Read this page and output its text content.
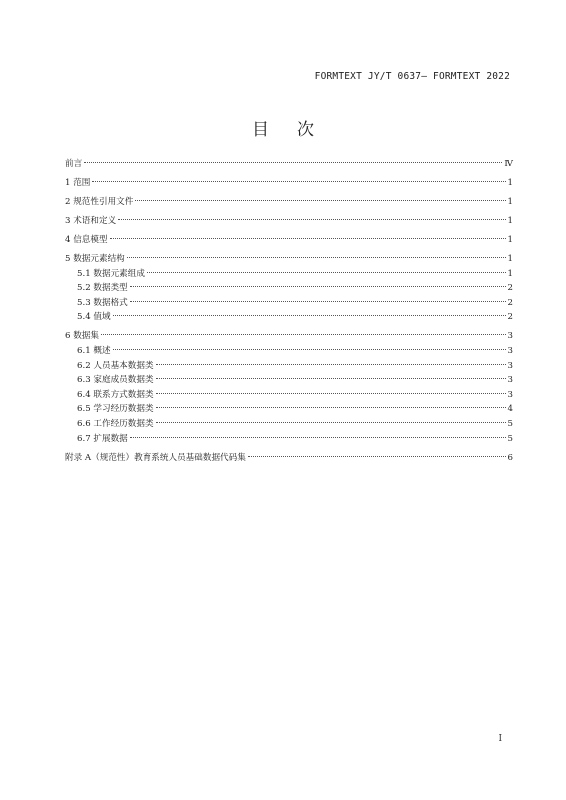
FORMTEXT JY/T 0637— FORMTEXT 2022
目次
前言	Ⅳ
1 范围	1
2 规范性引用文件	1
3 术语和定义	1
4 信息模型	1
5 数据元素结构	1
5.1 数据元素组成	1
5.2 数据类型	2
5.3 数据格式	2
5.4 值域	2
6 数据集	3
6.1 概述	3
6.2 人员基本数据类	3
6.3 家庭成员数据类	3
6.4 联系方式数据类	3
6.5 学习经历数据类	4
6.6 工作经历数据类	5
6.7 扩展数据	5
附录 A（规范性）教育系统人员基础数据代码集	6
I
